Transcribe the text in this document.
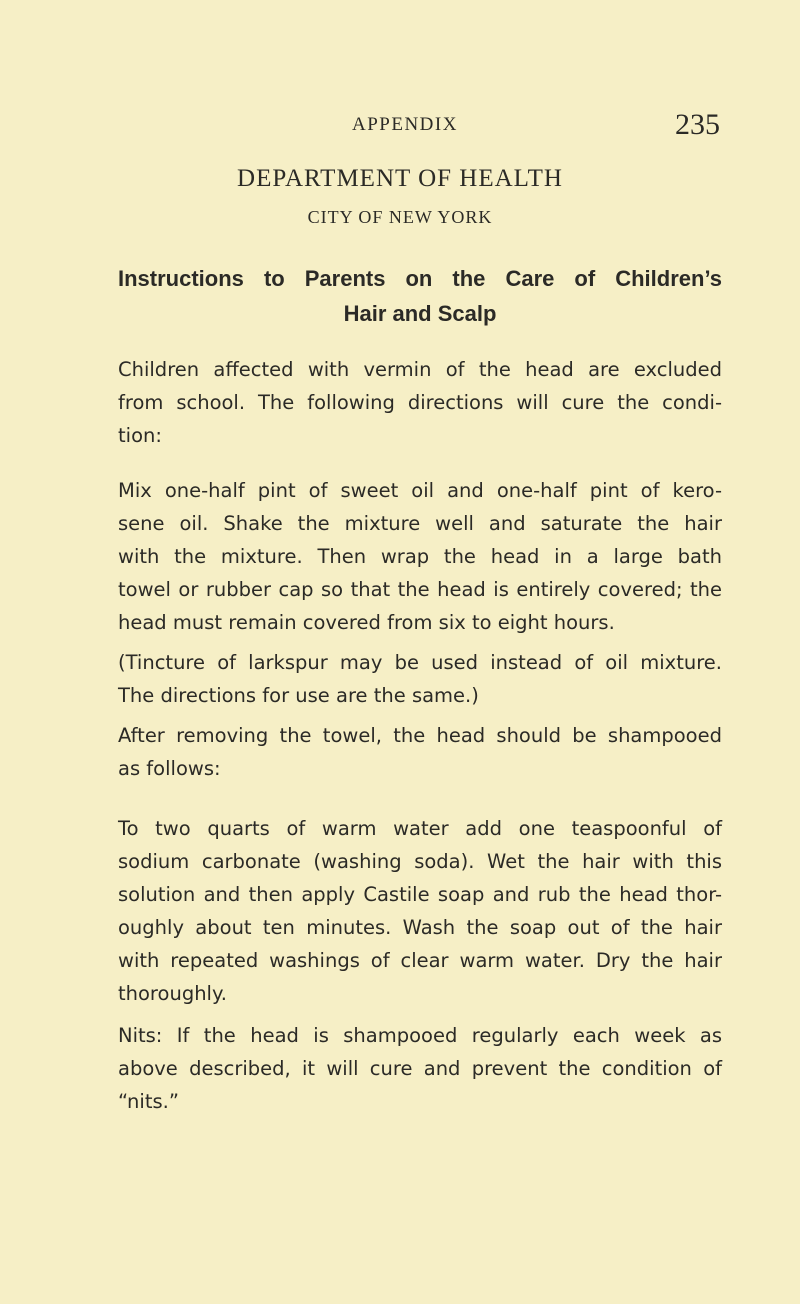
APPENDIX	235
DEPARTMENT OF HEALTH
CITY OF NEW YORK
Instructions to Parents on the Care of Children’s
Hair and Scalp
Children affected with vermin of the head are excluded
from school. The following directions will cure the condi-
tion:
Mix one-half pint of sweet oil and one-half pint of kero-
sene oil. Shake the mixture well and saturate the hair
with the mixture. Then wrap the head in a large bath
towel or rubber cap so that the head is entirely covered; the
head must remain covered from six to eight hours.
(Tincture of larkspur may be used instead of oil mixture.
The directions for use are the same.)
After removing the towel, the head should be shampooed
as follows:
To two quarts of warm water add one teaspoonful of
sodium carbonate (washing soda). Wet the hair with this
solution and then apply Castile soap and rub the head thor-
oughly about ten minutes. Wash the soap out of the hair
with repeated washings of clear warm water. Dry the hair
thoroughly.
Nits: If the head is shampooed regularly each week as
above described, it will cure and prevent the condition of
“nits.”
